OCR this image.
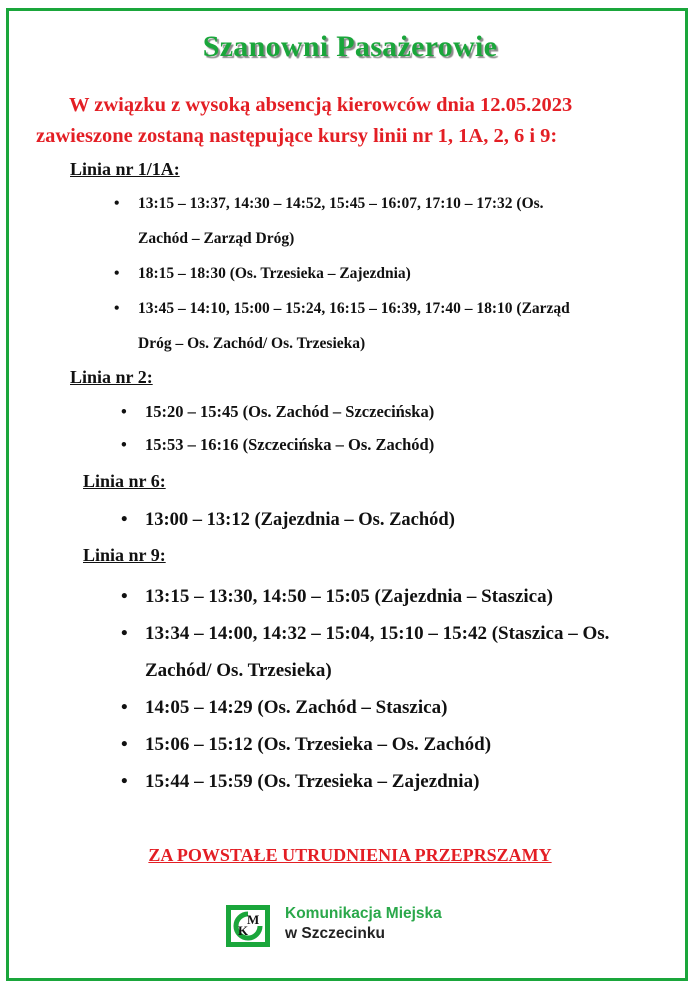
Szanowni Pasażerowie
W związku z wysoką absencją kierowców dnia 12.05.2023
zawieszone zostaną następujące kursy linii nr 1, 1A, 2, 6 i 9:
Linia nr 1/1A:
• 13:15 – 13:37, 14:30 – 14:52, 15:45 – 16:07, 17:10 – 17:32 (Os.
Zachód – Zarząd Dróg)
• 18:15 – 18:30 (Os. Trzesieka – Zajezdnia)
• 13:45 – 14:10, 15:00 – 15:24, 16:15 – 16:39, 17:40 – 18:10 (Zarząd
Dróg – Os. Zachód/ Os. Trzesieka)
Linia nr 2:
• 15:20 – 15:45 (Os. Zachód – Szczecińska)
• 15:53 – 16:16 (Szczecińska – Os. Zachód)
Linia nr 6:
• 13:00 – 13:12 (Zajezdnia – Os. Zachód)
Linia nr 9:
• 13:15 – 13:30, 14:50 – 15:05 (Zajezdnia – Staszica)
• 13:34 – 14:00, 14:32 – 15:04, 15:10 – 15:42 (Staszica – Os.
Zachód/ Os. Trzesieka)
• 14:05 – 14:29 (Os. Zachód – Staszica)
• 15:06 – 15:12 (Os. Trzesieka – Os. Zachód)
• 15:44 – 15:59 (Os. Trzesieka – Zajezdnia)
ZA POWSTAŁE UTRUDNIENIA PRZEPRSZAMY
K
M Komunikacja Miejska
w Szczecinku
